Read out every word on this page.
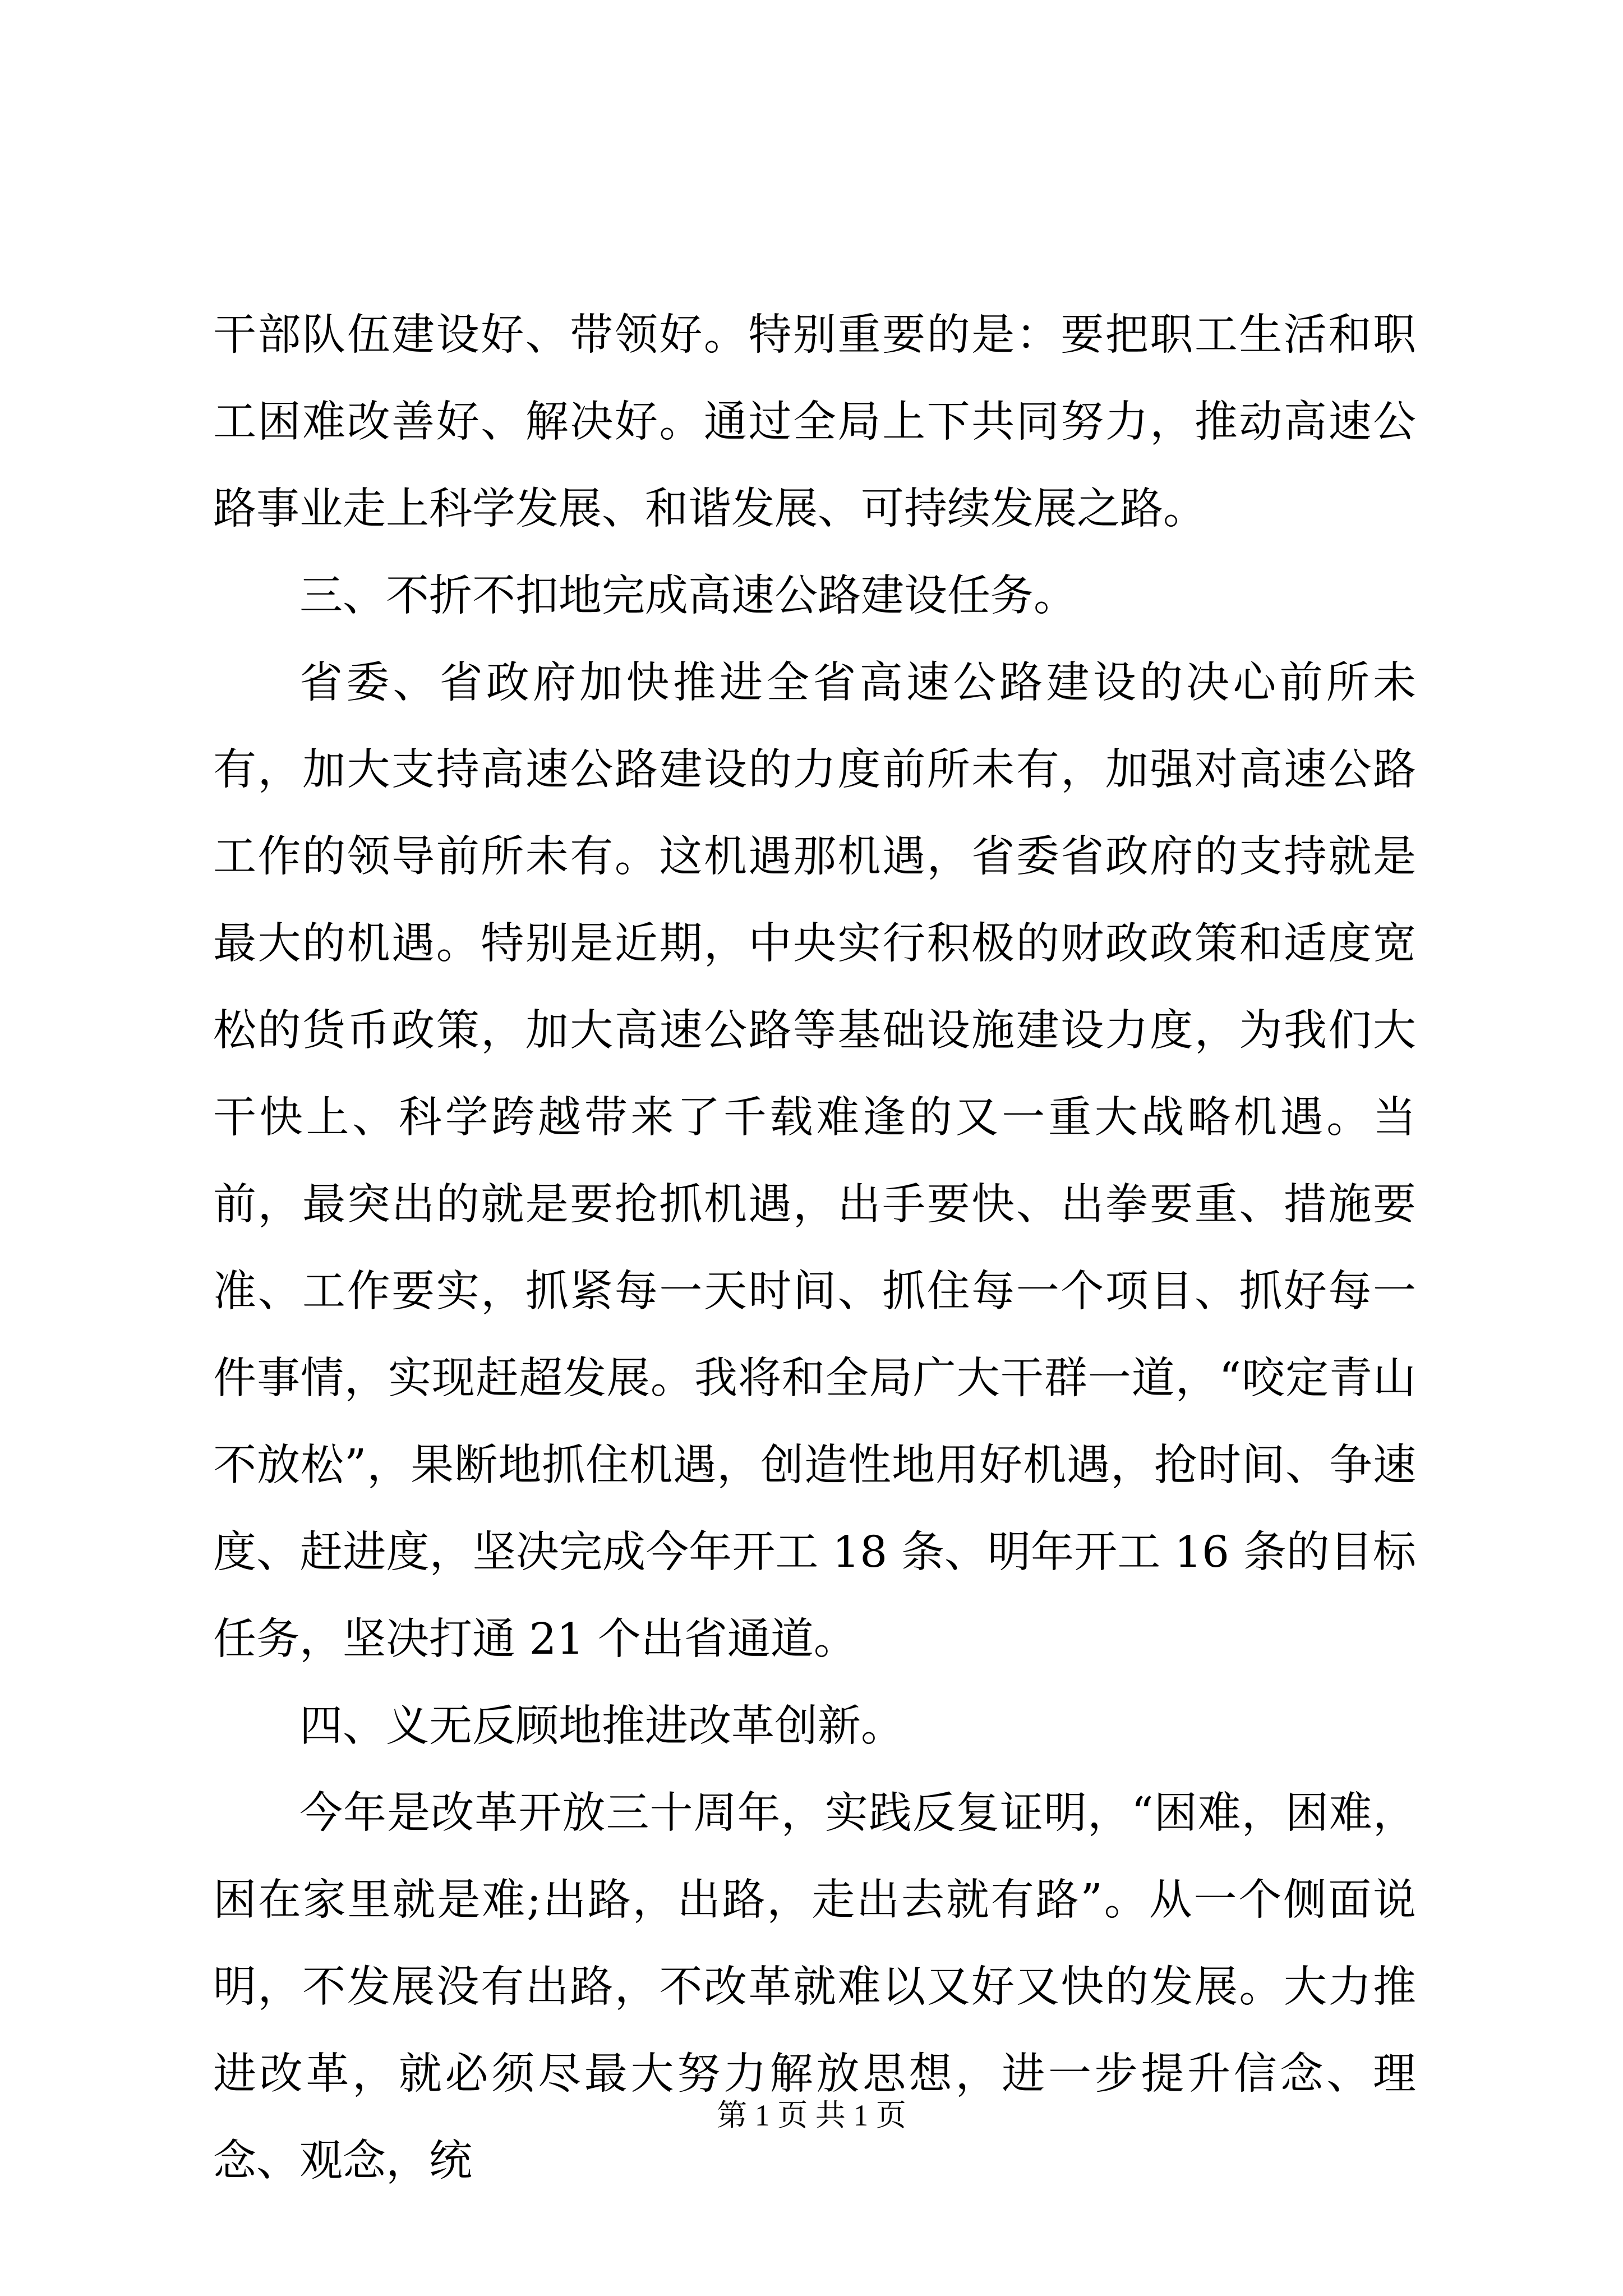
干部队伍建设好、带领好。特别重要的是：要把职工生活和职工困难改善好、解决好。通过全局上下共同努力，推动高速公路事业走上科学发展、和谐发展、可持续发展之路。

三、不折不扣地完成高速公路建设任务。

省委、省政府加快推进全省高速公路建设的决心前所未有，加大支持高速公路建设的力度前所未有，加强对高速公路工作的领导前所未有。这机遇那机遇，省委省政府的支持就是最大的机遇。特别是近期，中央实行积极的财政政策和适度宽松的货币政策，加大高速公路等基础设施建设力度，为我们大干快上、科学跨越带来了千载难逢的又一重大战略机遇。当前，最突出的就是要抢抓机遇，出手要快、出拳要重、措施要准、工作要实，抓紧每一天时间、抓住每一个项目、抓好每一件事情，实现赶超发展。我将和全局广大干群一道，“咬定青山不放松”，果断地抓住机遇，创造性地用好机遇，抢时间、争速度、赶进度，坚决完成今年开工 18 条、明年开工 16 条的目标任务，坚决打通 21 个出省通道。

四、义无反顾地推进改革创新。

今年是改革开放三十周年，实践反复证明，“困难，困难，困在家里就是难;出路，出路，走出去就有路”。从一个侧面说明，不发展没有出路，不改革就难以又好又快的发展。大力推进改革，就必须尽最大努力解放思想，进一步提升信念、理念、观念，统

第 1 页 共 1 页
